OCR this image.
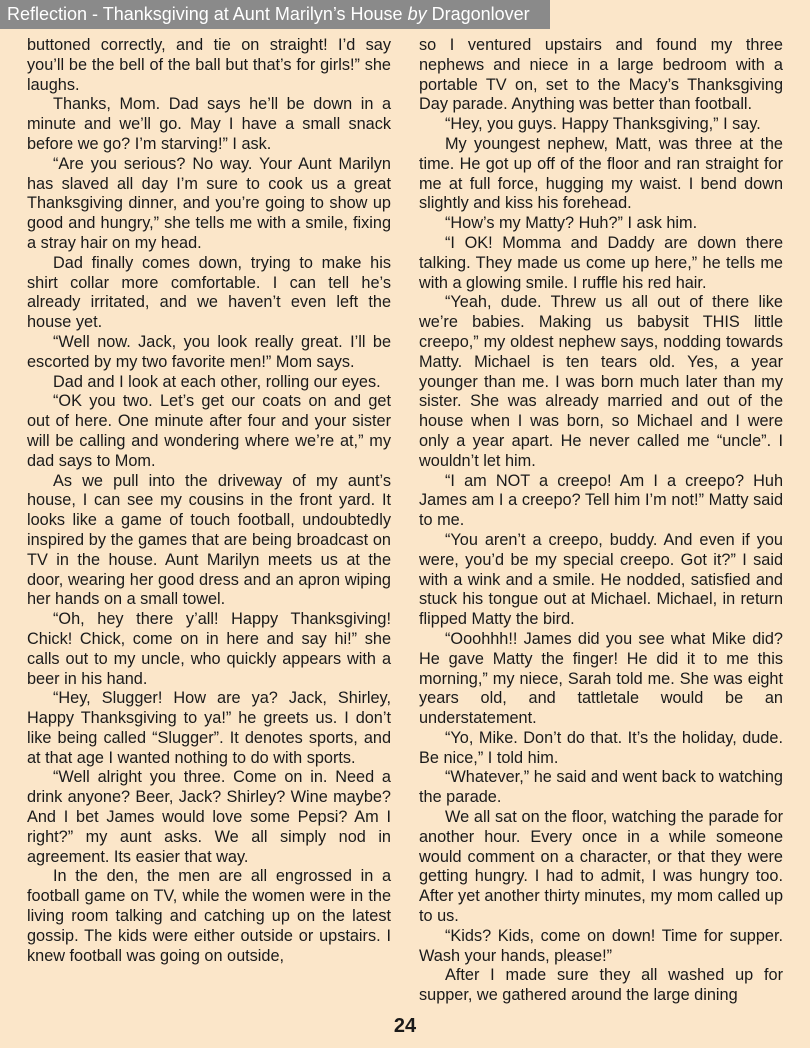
Reflection - Thanksgiving at Aunt Marilyn’s House by Dragonlover

buttoned correctly, and tie on straight! I’d say you’ll be the bell of the ball but that’s for girls!” she laughs.

Thanks, Mom. Dad says he’ll be down in a minute and we’ll go. May I have a small snack before we go? I’m starving!” I ask.

“Are you serious? No way. Your Aunt Marilyn has slaved all day I’m sure to cook us a great Thanksgiving dinner, and you’re going to show up good and hungry,” she tells me with a smile, fixing a stray hair on my head.

Dad finally comes down, trying to make his shirt collar more comfortable. I can tell he’s already irritated, and we haven’t even left the house yet.

“Well now. Jack, you look really great. I’ll be escorted by my two favorite men!” Mom says.

Dad and I look at each other, rolling our eyes.

“OK you two. Let’s get our coats on and get out of here. One minute after four and your sister will be calling and wondering where we’re at,” my dad says to Mom.

As we pull into the driveway of my aunt’s house, I can see my cousins in the front yard. It looks like a game of touch football, undoubtedly inspired by the games that are being broadcast on TV in the house. Aunt Marilyn meets us at the door, wearing her good dress and an apron wiping her hands on a small towel.

“Oh, hey there y’all! Happy Thanksgiving! Chick! Chick, come on in here and say hi!” she calls out to my uncle, who quickly appears with a beer in his hand.

“Hey, Slugger! How are ya? Jack, Shirley, Happy Thanksgiving to ya!” he greets us. I don’t like being called “Slugger”. It denotes sports, and at that age I wanted nothing to do with sports.

“Well alright you three. Come on in. Need a drink anyone? Beer, Jack? Shirley? Wine maybe? And I bet James would love some Pepsi? Am I right?” my aunt asks. We all simply nod in agreement. Its easier that way.

In the den, the men are all engrossed in a football game on TV, while the women were in the living room talking and catching up on the latest gossip. The kids were either outside or upstairs. I knew football was going on outside,

so I ventured upstairs and found my three nephews and niece in a large bedroom with a portable TV on, set to the Macy’s Thanksgiving Day parade. Anything was better than football.

“Hey, you guys. Happy Thanksgiving,” I say.

My youngest nephew, Matt, was three at the time. He got up off of the floor and ran straight for me at full force, hugging my waist. I bend down slightly and kiss his forehead.

“How’s my Matty? Huh?” I ask him.

“I OK! Momma and Daddy are down there talking. They made us come up here,” he tells me with a glowing smile. I ruffle his red hair.

“Yeah, dude. Threw us all out of there like we’re babies. Making us babysit THIS little creepo,” my oldest nephew says, nodding towards Matty. Michael is ten tears old. Yes, a year younger than me. I was born much later than my sister. She was already married and out of the house when I was born, so Michael and I were only a year apart. He never called me “uncle”. I wouldn’t let him.

“I am NOT a creepo! Am I a creepo? Huh James am I a creepo? Tell him I’m not!” Matty said to me.

“You aren’t a creepo, buddy. And even if you were, you’d be my special creepo. Got it?” I said with a wink and a smile. He nodded, satisfied and stuck his tongue out at Michael. Michael, in return flipped Matty the bird.

“Ooohhh!! James did you see what Mike did? He gave Matty the finger! He did it to me this morning,” my niece, Sarah told me. She was eight years old, and tattletale would be an understatement.

“Yo, Mike. Don’t do that. It’s the holiday, dude. Be nice,” I told him.

“Whatever,” he said and went back to watching the parade.

We all sat on the floor, watching the parade for another hour. Every once in a while someone would comment on a character, or that they were getting hungry. I had to admit, I was hungry too. After yet another thirty minutes, my mom called up to us.

“Kids? Kids, come on down! Time for supper. Wash your hands, please!”

After I made sure they all washed up for supper, we gathered around the large dining

24
